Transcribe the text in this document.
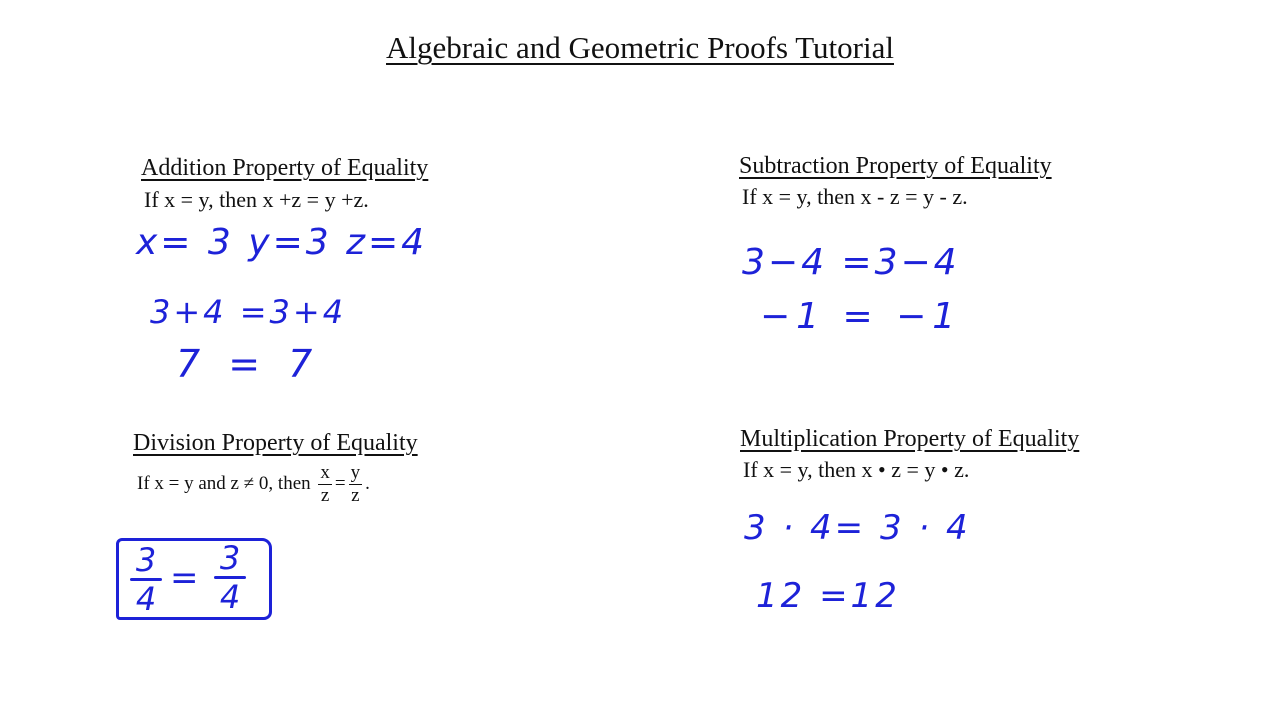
Algebraic and Geometric Proofs Tutorial
Addition Property of Equality
If x = y, then x +z = y +z.
x= 3 y=3 z=4
3+4 =3+4
7 = 7
Subtraction Property of Equality
If x = y, then x - z = y - z.
3−4 =3−4
−1 = −1
Division Property of Equality
If x = y and z ≠ 0, then $\frac{x}{z} = \frac{y}{z}$ .
3
4
= 3
4
Multiplication Property of Equality
If x = y, then x • z = y • z.
3 · 4= 3 · 4
12 =12
